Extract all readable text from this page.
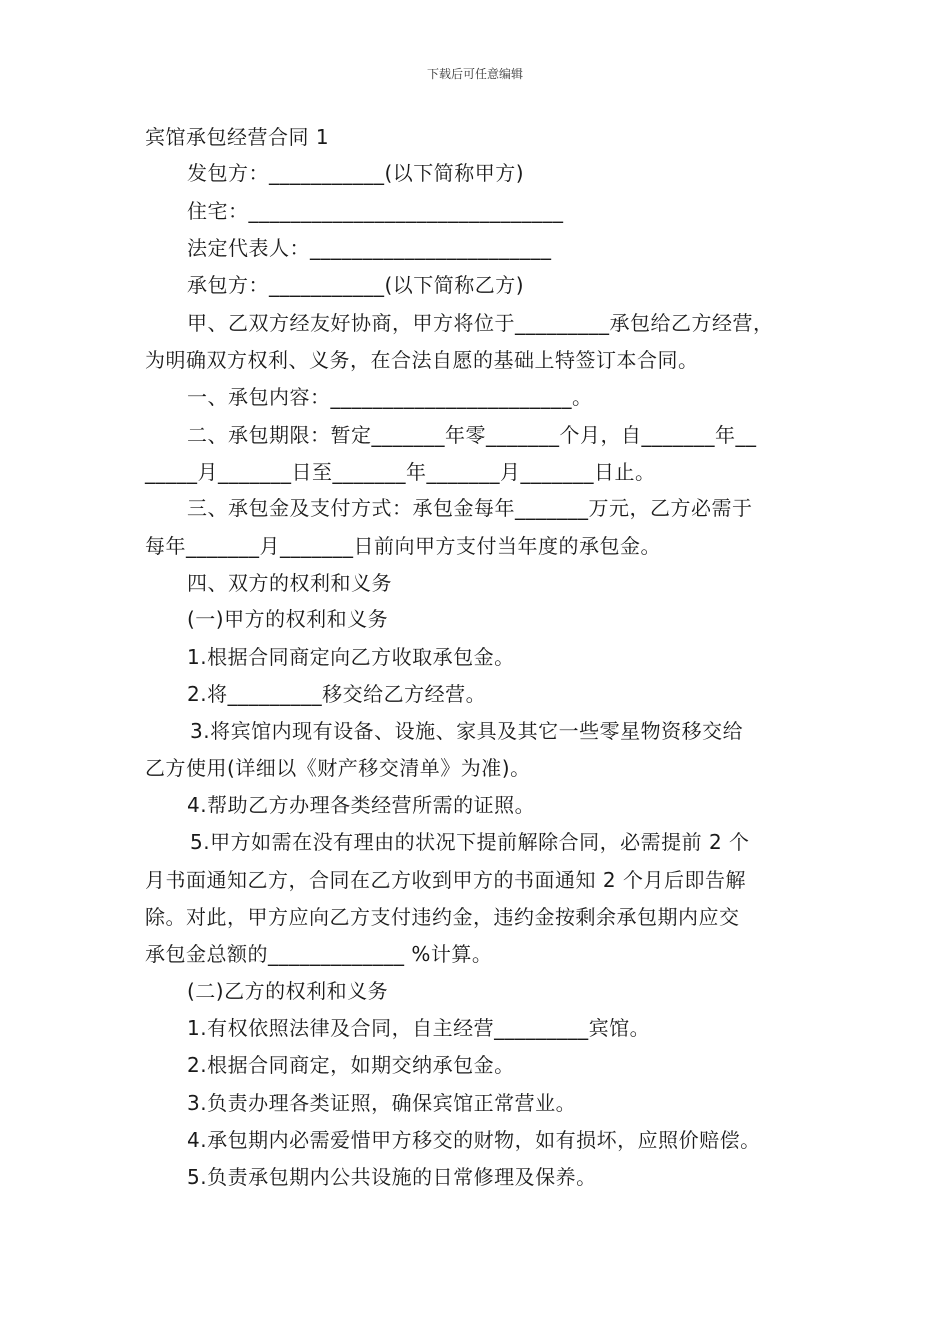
下载后可任意编辑
宾馆承包经营合同 1
发包方：___________(以下简称甲方)
住宅：______________________________
法定代表人：_______________________
承包方：___________(以下简称乙方)
甲、乙双方经友好协商，甲方将位于_________承包给乙方经营，
为明确双方权利、义务，在合法自愿的基础上特签订本合同。
一、承包内容：_______________________。
二、承包期限：暂定_______年零_______个月，自_______年__
_____月_______日至_______年_______月_______日止。
三、承包金及支付方式：承包金每年_______万元，乙方必需于
每年_______月_______日前向甲方支付当年度的承包金。
四、双方的权利和义务
(一)甲方的权利和义务
1.根据合同商定向乙方收取承包金。
2.将_________移交给乙方经营。
3.将宾馆内现有设备、设施、家具及其它一些零星物资移交给
乙方使用(详细以《财产移交清单》为准)。
4.帮助乙方办理各类经营所需的证照。
5.甲方如需在没有理由的状况下提前解除合同，必需提前 2 个
月书面通知乙方，合同在乙方收到甲方的书面通知 2 个月后即告解
除。对此，甲方应向乙方支付违约金，违约金按剩余承包期内应交
承包金总额的_____________ %计算。
(二)乙方的权利和义务
1.有权依照法律及合同，自主经营_________宾馆。
2.根据合同商定，如期交纳承包金。
3.负责办理各类证照，确保宾馆正常营业。
4.承包期内必需爱惜甲方移交的财物，如有损坏，应照价赔偿。
5.负责承包期内公共设施的日常修理及保养。
